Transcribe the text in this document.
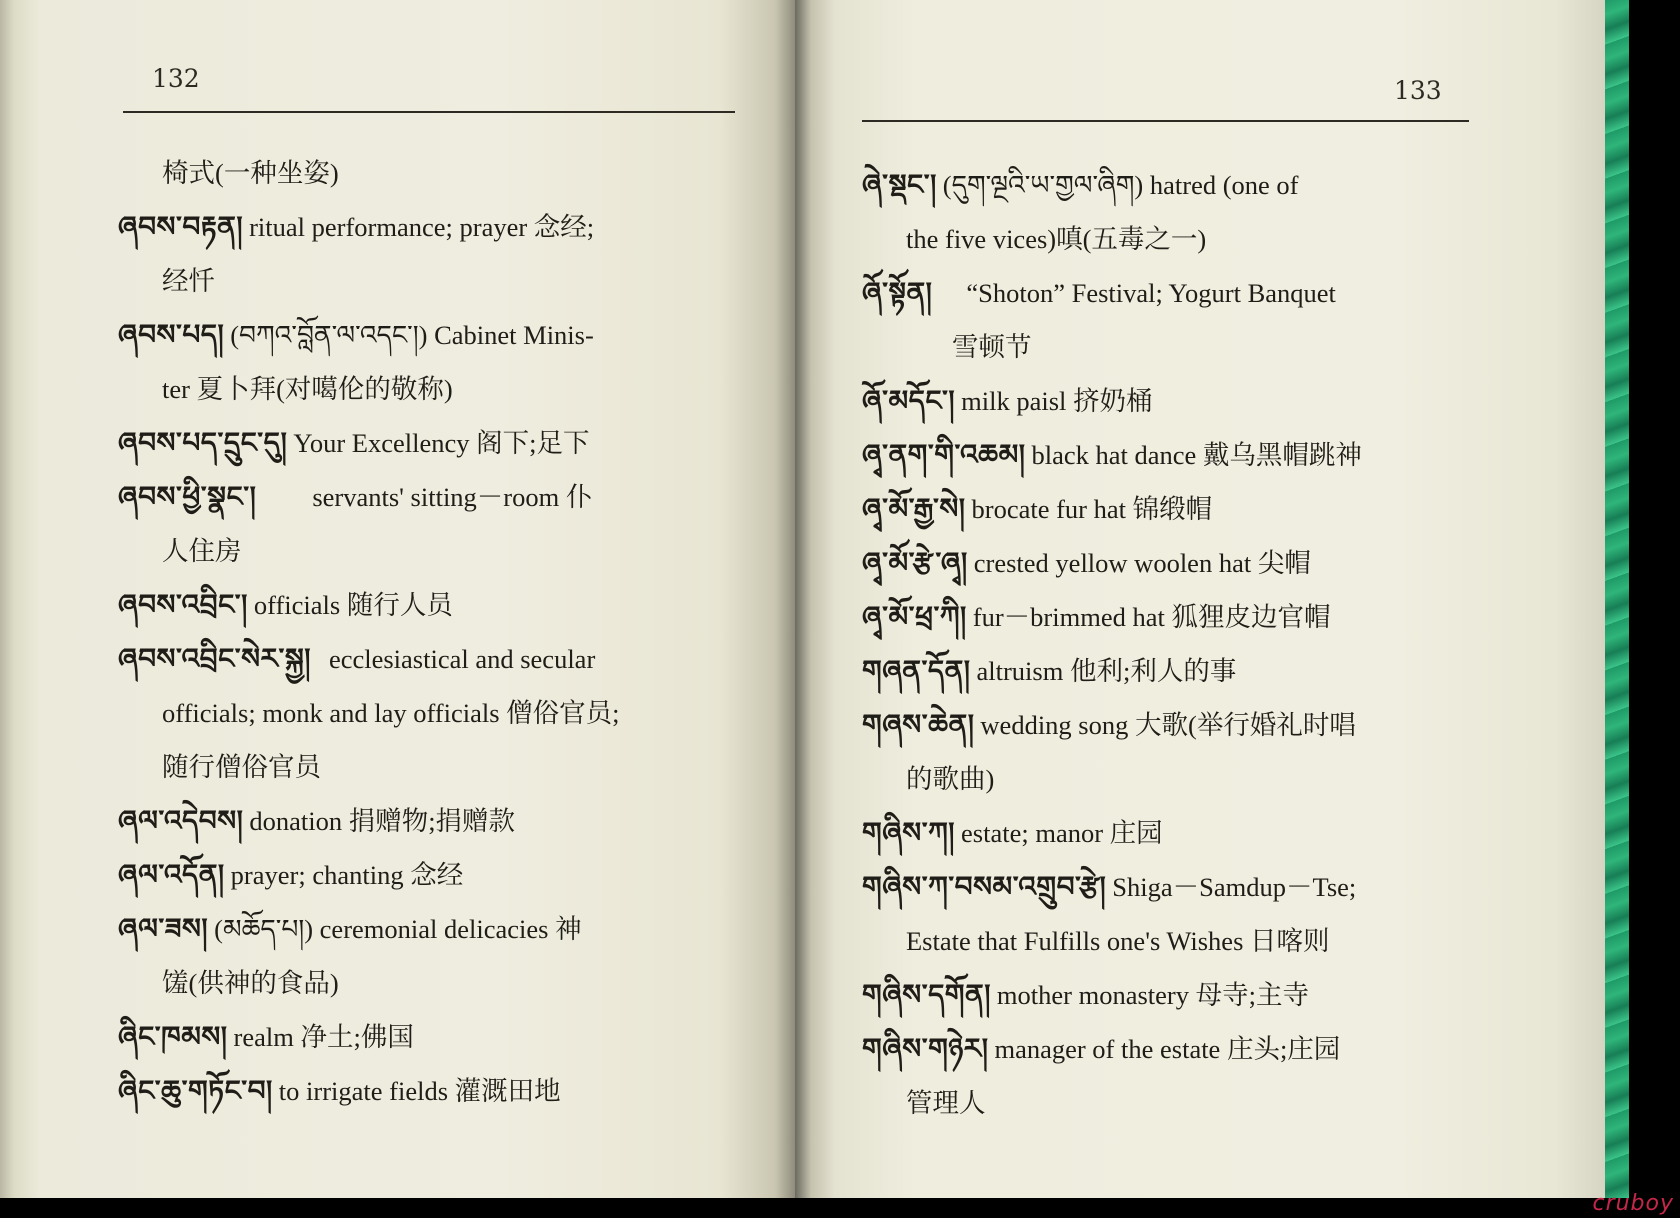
132	133
椅式(一种坐姿)
ཞབས་བརྟན། ritual performance; prayer 念经;
经忏
ཞབས་པད། (བཀའ་བློན་ལ་འདང་།) Cabinet Minis-
ter 夏卜拜(对噶伦的敬称)
ཞབས་པད་དྲུང་དུ། Your Excellency 阁下;足下
ཞབས་ཕྱི་སྣང་། servants' sitting－room 仆
人住房
ཞབས་འབྲིང་། officials 随行人员
ཞབས་འབྲིང་སེར་སྐྱ། ecclesiastical and secular
officials; monk and lay officials 僧俗官员;
随行僧俗官员
ཞལ་འདེབས། donation 捐赠物;捐赠款
ཞལ་འདོན། prayer; chanting 念经
ཞལ་ཟས། (མཆོད་པ།) ceremonial delicacies 神
馐(供神的食品)
ཞིང་ཁམས། realm 净土;佛国
ཞིང་ཆུ་གཏོང་བ། to irrigate fields 灌溉田地
ཞེ་སྡང་། (དུག་ལྔའི་ཡ་གྱལ་ཞིག) hatred (one of
the five vices)嗔(五毒之一)
ཞོ་སྟོན། “Shoton” Festival; Yogurt Banquet
雪顿节
ཞོ་མདོང་། milk paisl 挤奶桶
ཞྭ་ནག་གི་འཆམ། black hat dance 戴乌黑帽跳神
ཞྭ་མོ་རྒྱ་སེ། brocate fur hat 锦缎帽
ཞྭ་མོ་རྩེ་ཞྭ། crested yellow woolen hat 尖帽
ཞྭ་མོ་ཕྲ་ཀི། fur－brimmed hat 狐狸皮边官帽
གཞན་དོན། altruism 他利;利人的事
གཞས་ཆེན། wedding song 大歌(举行婚礼时唱
的歌曲)
གཞིས་ཀ། estate; manor 庄园
གཞིས་ཀ་བསམ་འགྲུབ་རྩེ། Shiga－Samdup－Tse;
Estate that Fulfills one's Wishes 日喀则
གཞིས་དགོན། mother monastery 母寺;主寺
གཞིས་གཉེར། manager of the estate 庄头;庄园
管理人
cruboy
